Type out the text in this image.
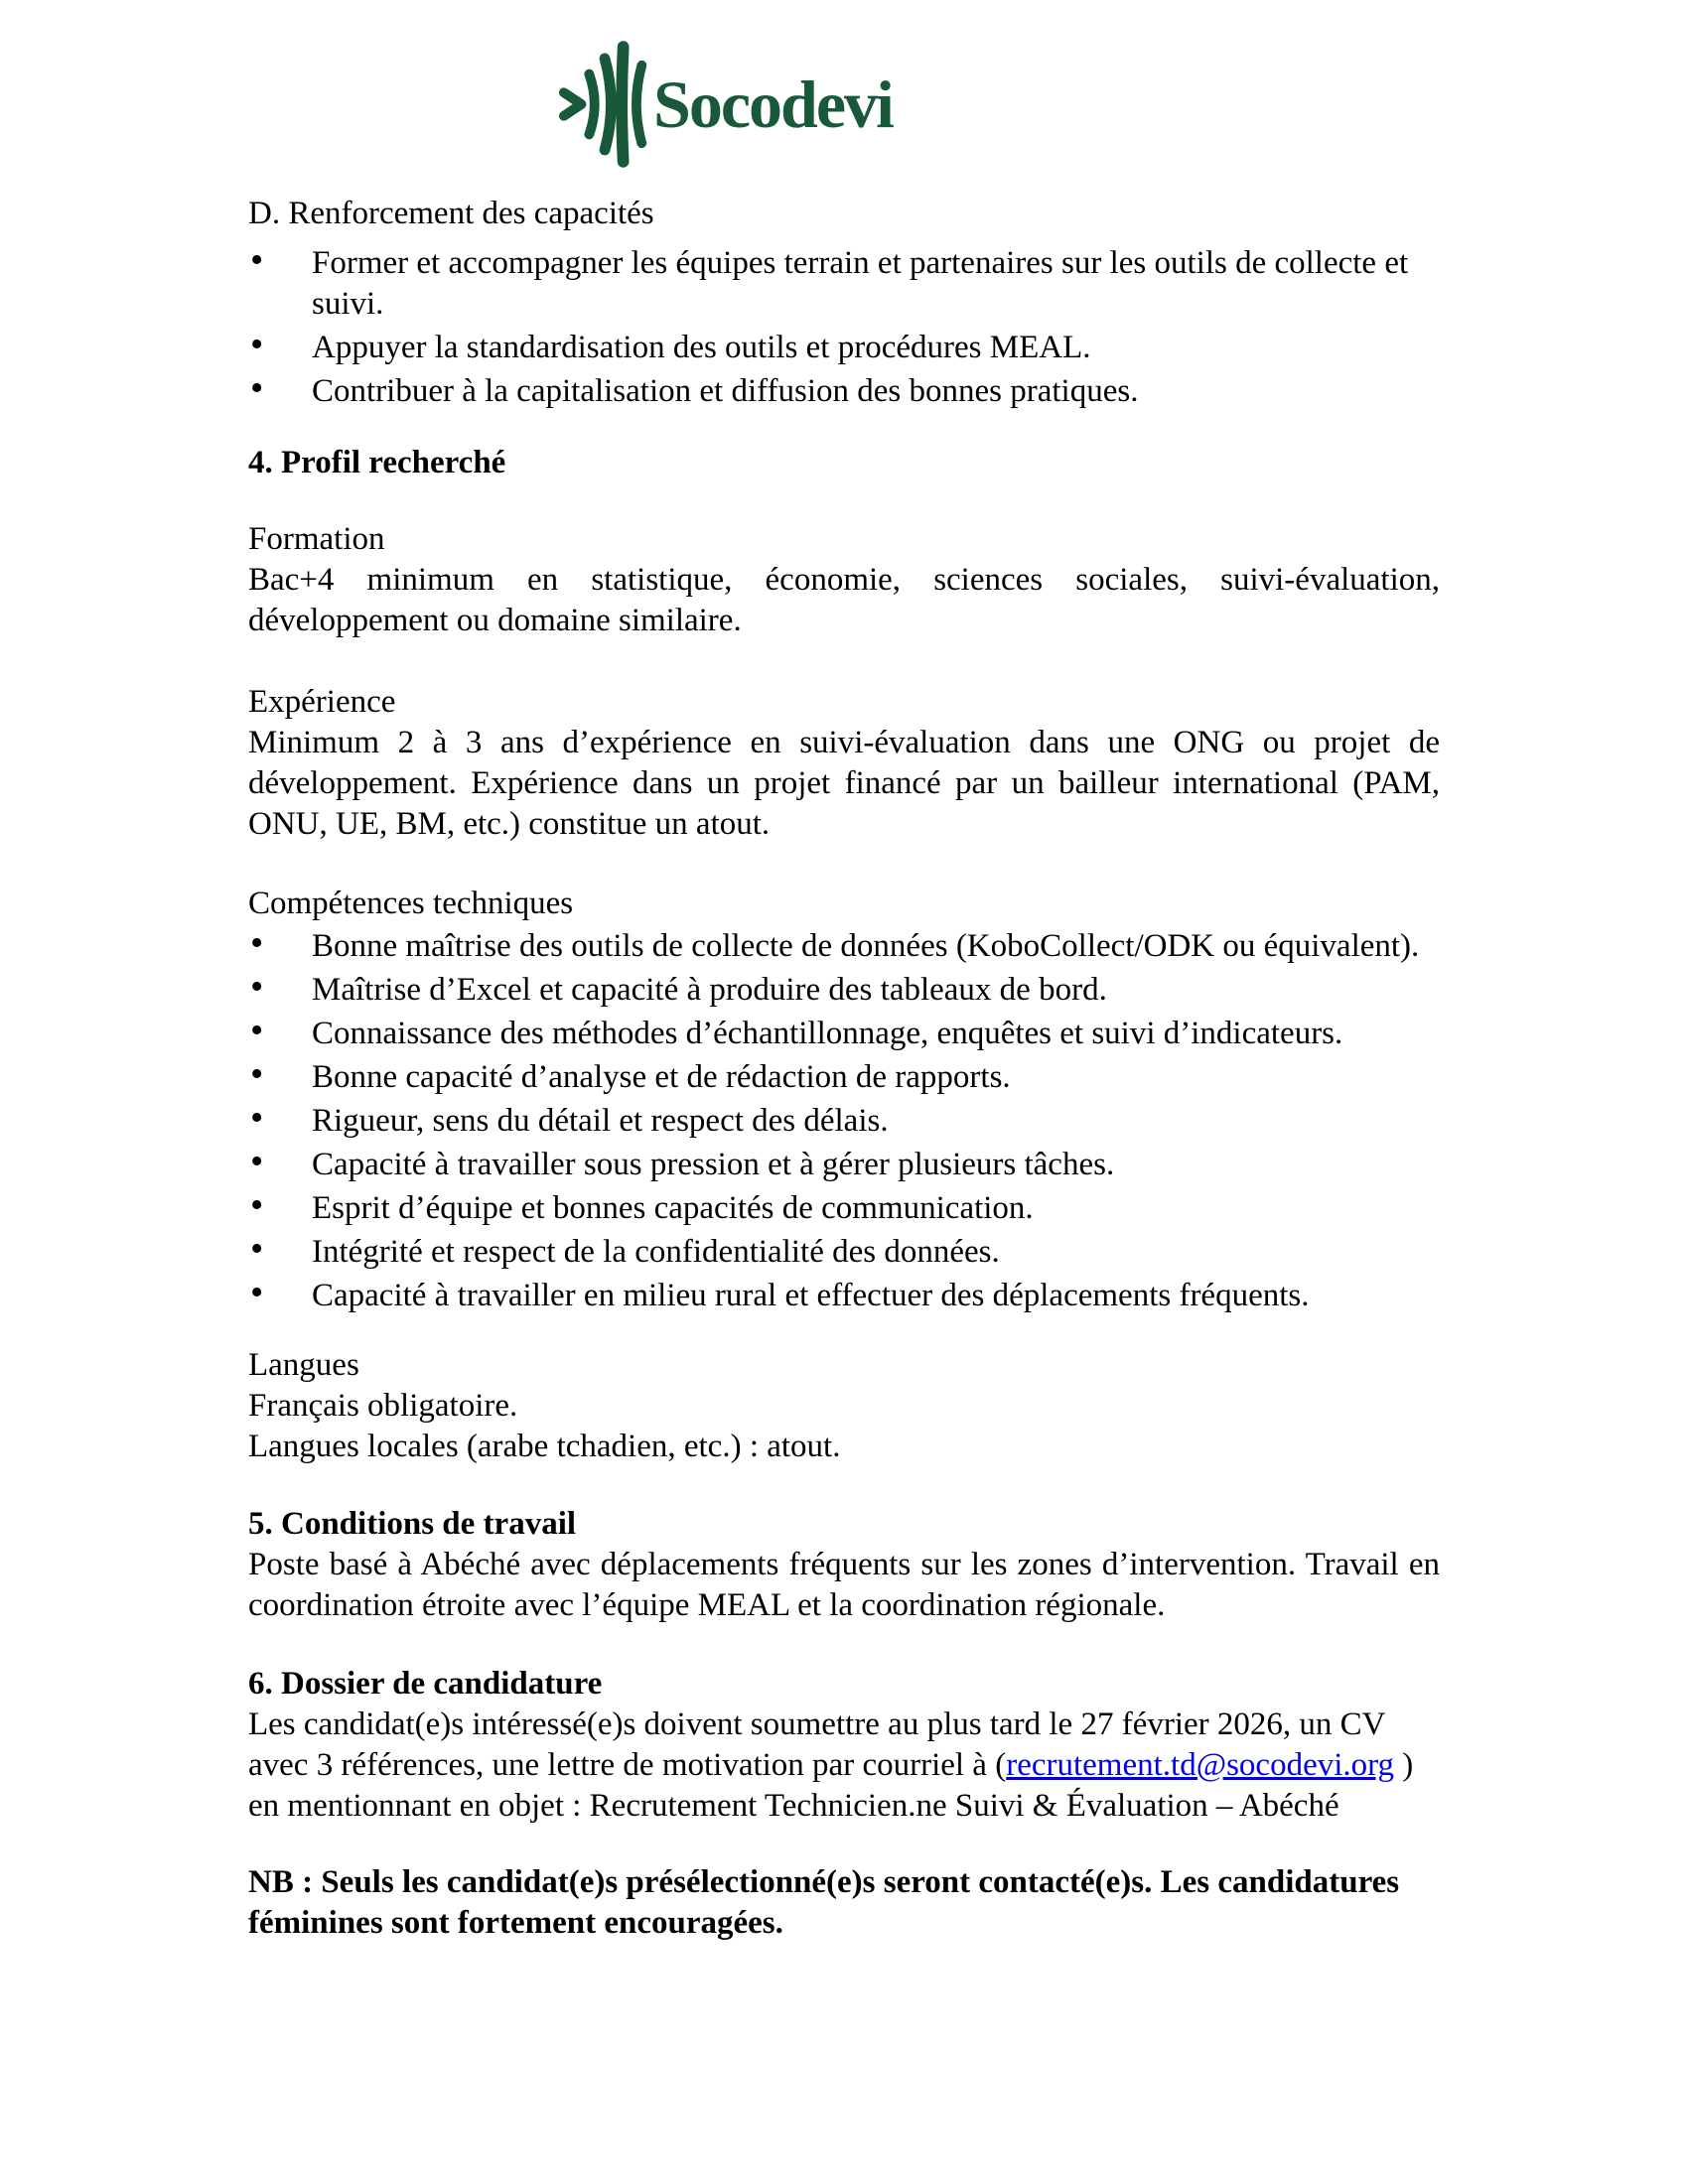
Socodevi
D. Renforcement des capacités
• Former et accompagner les équipes terrain et partenaires sur les outils de collecte et suivi.
• Appuyer la standardisation des outils et procédures MEAL.
• Contribuer à la capitalisation et diffusion des bonnes pratiques.
4. Profil recherché
Formation
Bac+4 minimum en statistique, économie, sciences sociales, suivi-évaluation, développement ou domaine similaire.
Expérience
Minimum 2 à 3 ans d’expérience en suivi-évaluation dans une ONG ou projet de développement. Expérience dans un projet financé par un bailleur international (PAM, ONU, UE, BM, etc.) constitue un atout.
Compétences techniques
• Bonne maîtrise des outils de collecte de données (KoboCollect/ODK ou équivalent).
• Maîtrise d’Excel et capacité à produire des tableaux de bord.
• Connaissance des méthodes d’échantillonnage, enquêtes et suivi d’indicateurs.
• Bonne capacité d’analyse et de rédaction de rapports.
• Rigueur, sens du détail et respect des délais.
• Capacité à travailler sous pression et à gérer plusieurs tâches.
• Esprit d’équipe et bonnes capacités de communication.
• Intégrité et respect de la confidentialité des données.
• Capacité à travailler en milieu rural et effectuer des déplacements fréquents.
Langues
Français obligatoire.
Langues locales (arabe tchadien, etc.) : atout.
5. Conditions de travail
Poste basé à Abéché avec déplacements fréquents sur les zones d’intervention. Travail en coordination étroite avec l’équipe MEAL et la coordination régionale.
6. Dossier de candidature
Les candidat(e)s intéressé(e)s doivent soumettre au plus tard le 27 février 2026, un CV avec 3 références, une lettre de motivation par courriel à (recrutement.td@socodevi.org ) en mentionnant en objet : Recrutement Technicien.ne Suivi & Évaluation – Abéché
NB : Seuls les candidat(e)s présélectionné(e)s seront contacté(e)s. Les candidatures féminines sont fortement encouragées.
